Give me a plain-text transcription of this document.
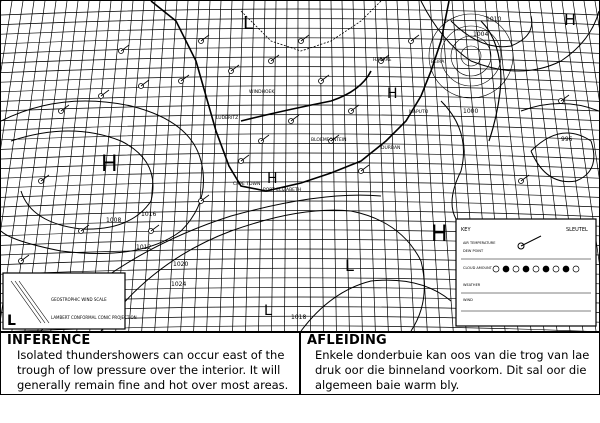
KEY	SLEUTEL
AIR TEMPERATURE
DEW POINT
CLOUD AMOUNT
WEATHER
WIND
GEOSTROPHIC WIND SCALE
LAMBERT CONFORMAL CONIC PROJECTION
L
HARARE
MAPUTO
DURBAN
PORT ELIZABETH
CAPE TOWN
WINDHOEK
BLOEMFONTEIN
LUDERITZ
BEIRA
1008
1012
1016
1020
1024
1004
1000
1010
1018
996
L
H
H
H
H
L
L
H
INFERENCE
Isolated thundershowers can occur east of the trough of low pressure over the interior. It will generally remain fine and hot over most areas.
AFLEIDING
Enkele donderbuie kan oos van die trog van lae druk oor die binneland voorkom. Dit sal oor die algemeen baie warm bly.
